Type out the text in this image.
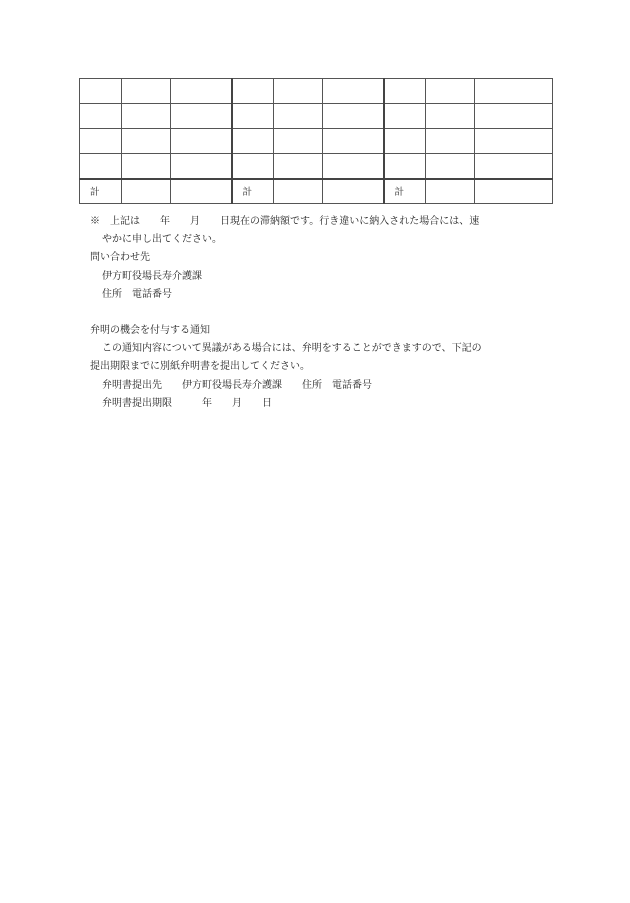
計			計			計		

※　上記は　　年　　月　　日現在の滞納額です。行き違いに納入された場合には、速

やかに申し出てください。

問い合わせ先

伊方町役場長寿介護課

住所　電話番号

弁明の機会を付与する通知

この通知内容について異議がある場合には、弁明をすることができますので、下記の

提出期限までに別紙弁明書を提出してください。

弁明書提出先　　伊方町役場長寿介護課　　住所　電話番号

弁明書提出期限　　　年　　月　　日
